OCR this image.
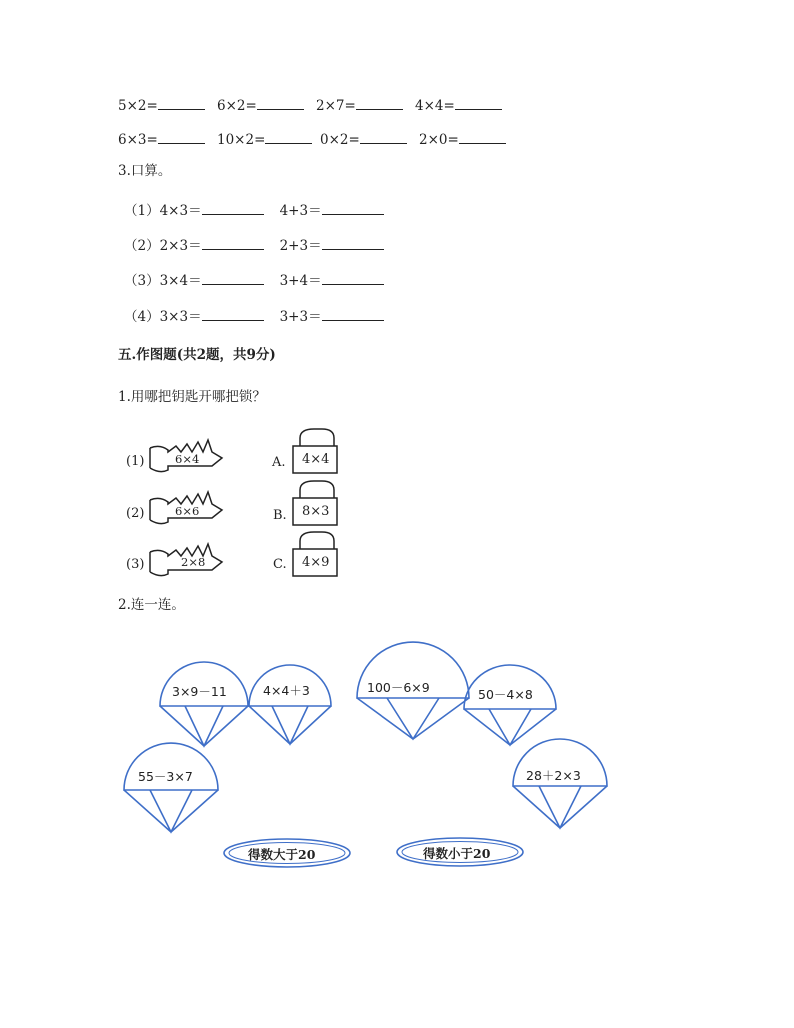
5×2=	6×2=	2×7=	4×4=
6×3=	10×2=	0×2=	2×0=
3.口算。
（1）4×3＝	4+3＝
（2）2×3＝	2+3＝
（3）3×4＝	3+4＝
（4）3×3＝	3+3＝
五.作图题(共2题，共9分)
1.用哪把钥匙开哪把锁？
(1)	6×4
(2)	6×6
(3)	2×8
A. 4×4
B. 8×3
C. 4×9
2.连一连。
3×9－11	4×4＋3	100－6×9	50－4×8
55－3×7	28＋2×3
得数大于20	得数小于20
